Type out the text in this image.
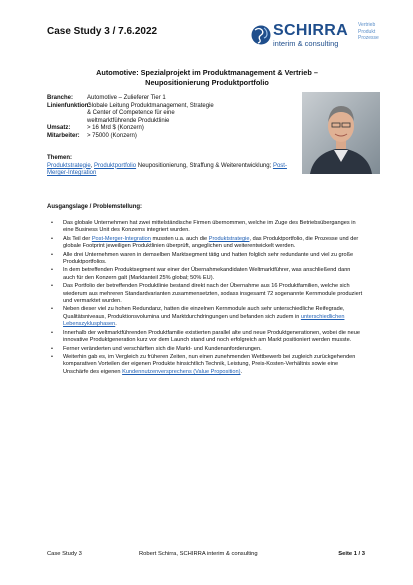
Case Study 3 / 7.6.2022	SCHIRRA
interim & consulting
Vertrieb
Produkt
Prozesse
Automotive: Spezialprojekt im Produktmanagement & Vertrieb –
Neupositionierung Produktportfolio
Branche:	Automotive – Zulieferer Tier 1
Linienfunktion:
Globale Leitung Produktmanagement, Strategie & Center of Competence für eine weltmarktführende Produktlinie
Umsatz:	> 16 Mrd $ (Konzern)
Mitarbeiter:	> 75000 (Konzern)
Themen:
Produktstrategie, Produktportfolio Neupositionierung, Straffung & Weiterentwicklung; Post-Merger-Integration
Ausgangslage / Problemstellung:
• Das globale Unternehmen hat zwei mittelständische Firmen übernommen, welche im Zuge des Betriebsüberganges in eine Business Unit des Konzerns integriert wurden.
• Als Teil der Post-Merger-Integration mussten u.a. auch die Produktstrategie, das Produktportfolio, die Prozesse und der globale Footprint jeweiligen Produktlinien überprüft, angeglichen und weiterentwickelt werden.
• Alle drei Unternehmen waren in demselben Marktsegment tätig und hatten folglich sehr redundante und viel zu große Produktportfolios.
• In dem betreffenden Produktsegment war einer der Übernahmekandidaten Weltmarktführer, was anschließend dann auch für den Konzern galt (Marktanteil 25% global; 50% EU).
• Das Portfolio der betreffenden Produktlinie bestand direkt nach der Übernahme aus 16 Produktfamilien, welche sich wiederum aus mehreren Standardvarianten zusammensetzten, sodass insgesamt 72 sogenannte Kernmodule produziert und vermarktet wurden.
• Neben dieser viel zu hohen Redundanz, hatten die einzelnen Kernmodule auch sehr unterschiedliche Reifegrade, Qualitätsniveaus, Produktionsvolumina und Marktdurchdringungen und befanden sich zudem in unterschiedlichen Lebenszyklusphasen.
• Innerhalb der weltmarktführenden Produktfamilie existierten parallel alte und neue Produktgenerationen, wobei die neue innovative Produktgeneration kurz vor dem Launch stand und noch erfolgreich am Markt positioniert werden musste.
• Ferner veränderten und verschärften sich die Markt- und Kundenanforderungen.
• Weiterhin gab es, im Vergleich zu früheren Zeiten, nun einen zunehmenden Wettbewerb bei zugleich zurückgehenden komparativen Vorteilen der eigenen Produkte hinsichtlich Technik, Leistung, Preis-Kosten-Verhältnis sowie eine Unschärfe des eigenen Kundennutzenversprechens (Value Proposition).
Case Study 3	Robert Schirra, SCHIRRA interim & consulting	Seite 1 / 3
